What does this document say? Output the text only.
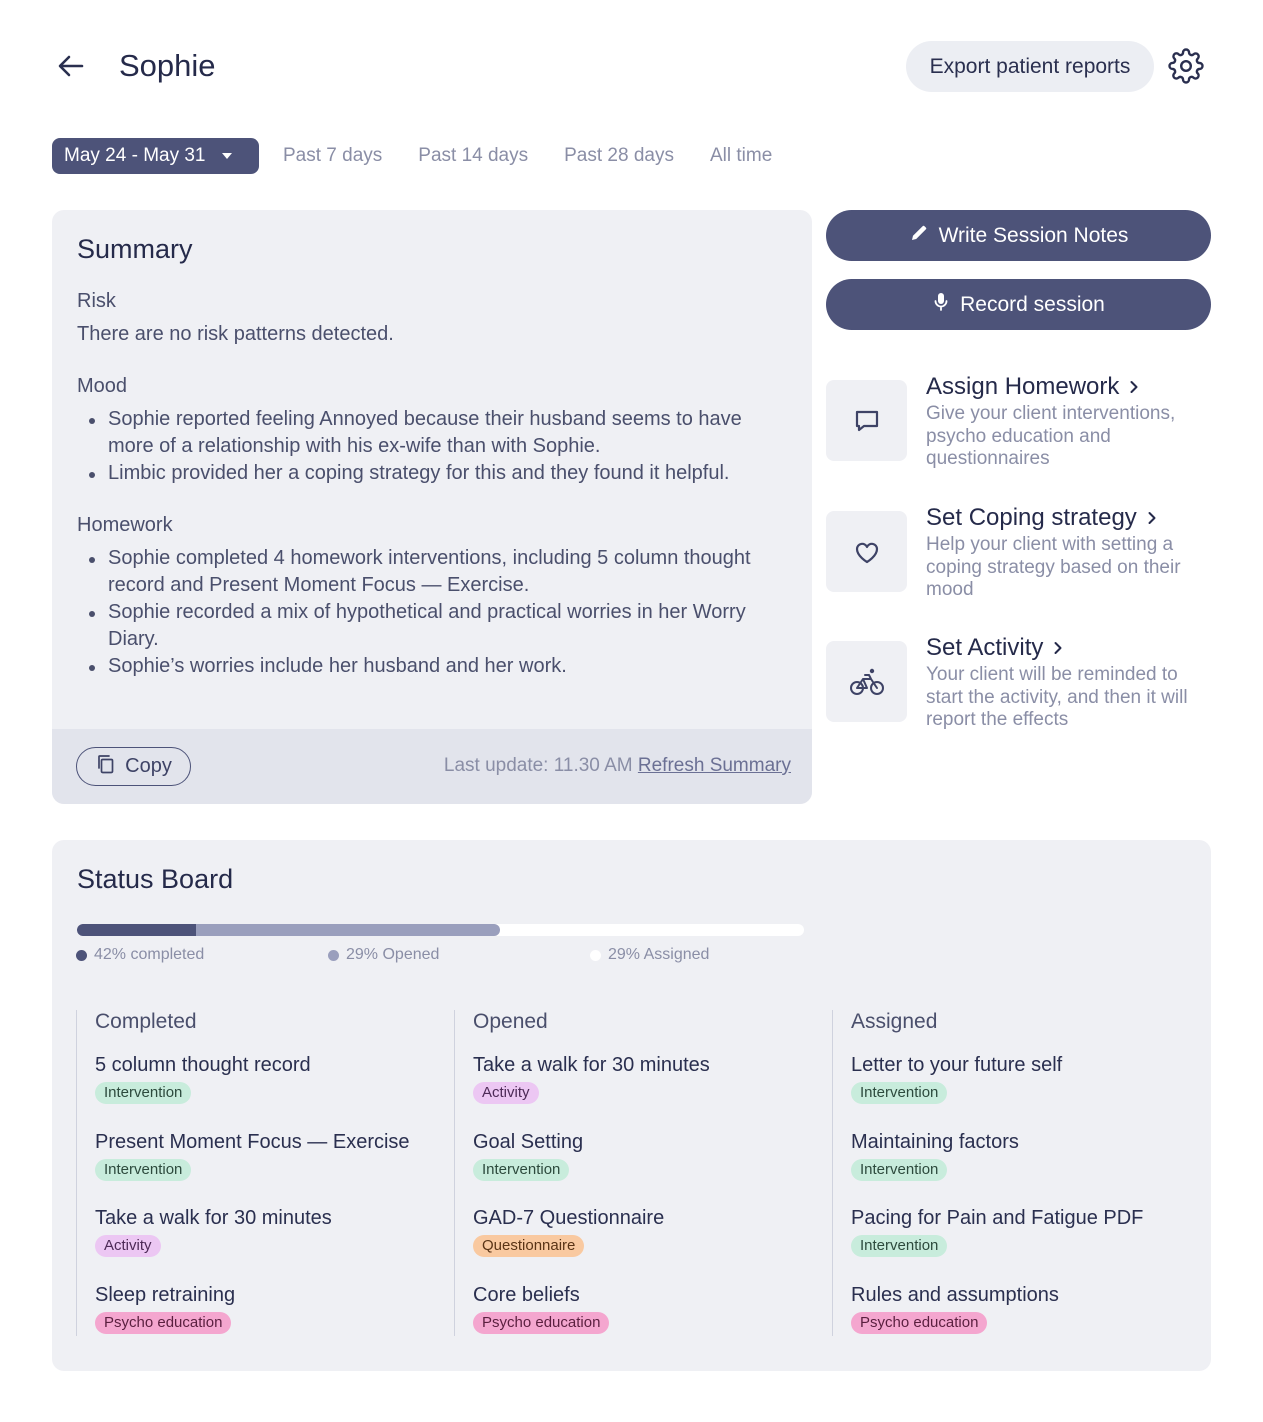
Sophie	Export patient reports
May 24 - May 31	Past 7 days Past 14 days Past 28 days All time
Summary
Risk
There are no risk patterns detected.
Mood
Sophie reported feeling Annoyed because their husband seems to have more of a relationship with his ex-wife than with Sophie.
Limbic provided her a coping strategy for this and they found it helpful.
Homework
Sophie completed 4 homework interventions, including 5 column thought record and Present Moment Focus — Exercise.
Sophie recorded a mix of hypothetical and practical worries in her Worry Diary.
Sophie’s worries include her husband and her work.
Copy	Last update: 11.30 AM Refresh Summary
Write Session Notes
Record session
Assign Homework
Give your client interventions, psycho education and questionnaires
Set Coping strategy
Help your client with setting a coping strategy based on their mood
Set Activity
Your client will be reminded to start the activity, and then it will report the effects
Status Board
42% completed	29% Opened	29% Assigned
Completed
5 column thought record
Intervention
Present Moment Focus — Exercise
Intervention
Take a walk for 30 minutes
Activity
Sleep retraining
Psycho education
Opened
Take a walk for 30 minutes
Activity
Goal Setting
Intervention
GAD-7 Questionnaire
Questionnaire
Core beliefs
Psycho education
Assigned
Letter to your future self
Intervention
Maintaining factors
Intervention
Pacing for Pain and Fatigue PDF
Intervention
Rules and assumptions
Psycho education
